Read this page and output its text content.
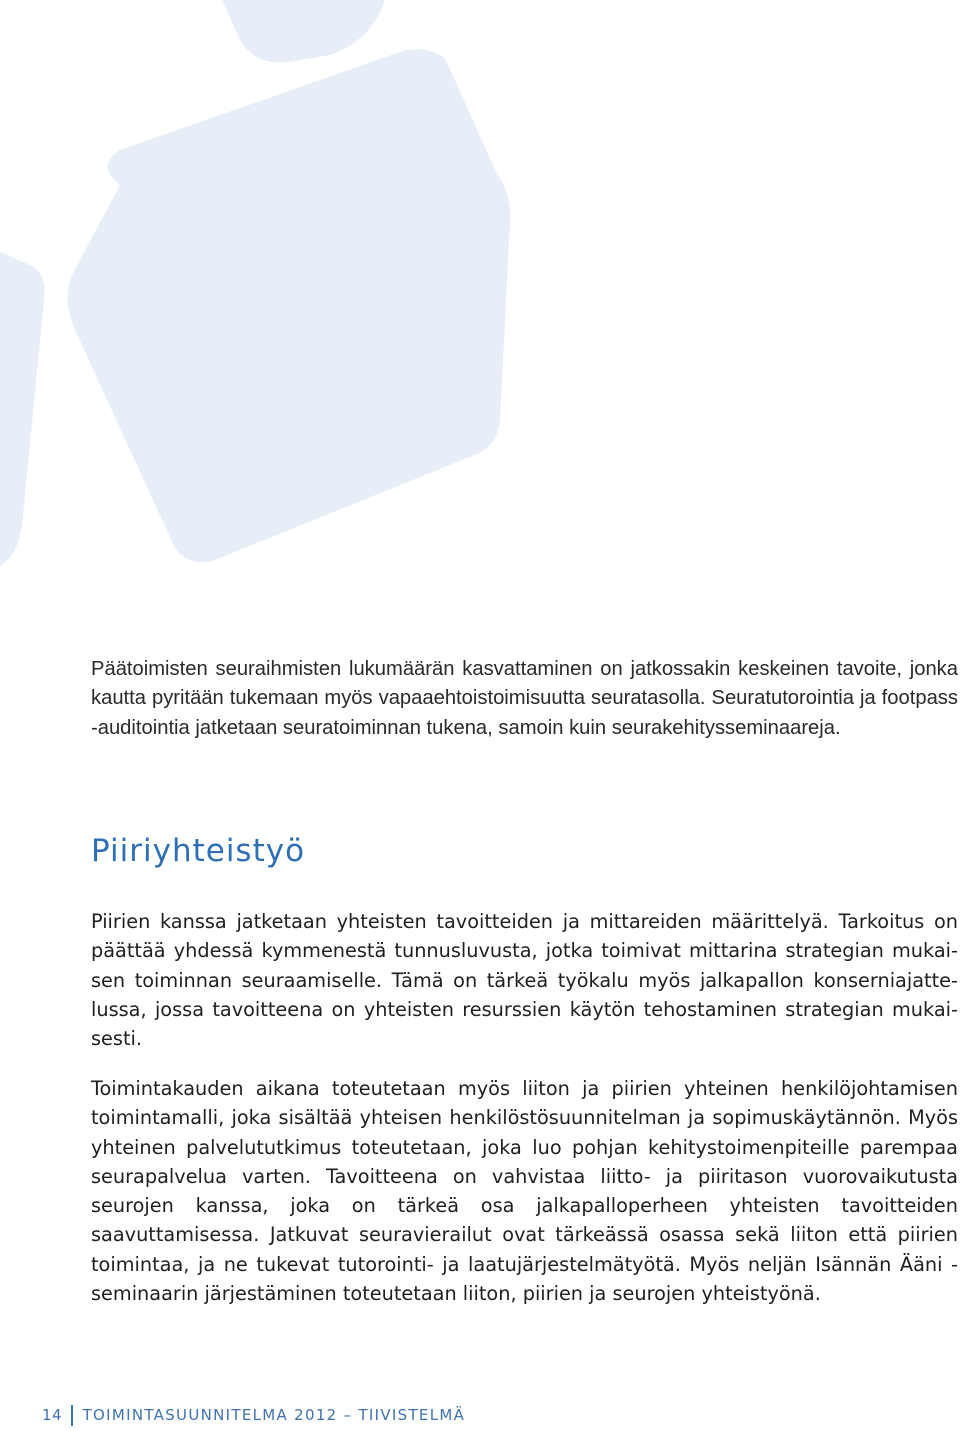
Päätoimisten seuraihmisten lukumäärän kasvattaminen on jatkossakin keskeinen tavoite, jonka kautta pyritään tukemaan myös vapaaehtoistoimisuutta seuratasolla. Seuratutorointia ja footpass -auditointia jatketaan seuratoiminnan tukena, samoin kuin seurakehitysseminaareja.

Piiriyhteistyö

Piirien kanssa jatketaan yhteisten tavoitteiden ja mittareiden määrittelyä. Tarkoitus on päättää yhdessä kymmenestä tunnusluvusta, jotka toimivat mittarina strategian mukaisen toiminnan seuraamiselle. Tämä on tärkeä työkalu myös jalkapallon konserniajattelussa, jossa tavoitteena on yhteisten resurssien käytön tehostaminen strategian mukaisesti.

Toimintakauden aikana toteutetaan myös liiton ja piirien yhteinen henkilöjohtamisen toimintamalli, joka sisältää yhteisen henkilöstösuunnitelman ja sopimuskäytännön. Myös yhteinen palvelututkimus toteutetaan, joka luo pohjan kehitystoimenpiteille parempaa seurapalvelua varten. Tavoitteena on vahvistaa liitto- ja piiritason vuorovaikutusta seurojen kanssa, joka on tärkeä osa jalkapalloperheen yhteisten tavoitteiden saavuttamisessa. Jatkuvat seuravierailut ovat tärkeässä osassa sekä liiton että piirien toimintaa, ja ne tukevat tutorointi- ja laatujärjestelmätyötä. Myös neljän Isännän Ääni -seminaarin järjestäminen toteutetaan liiton, piirien ja seurojen yhteistyönä.

14 TOIMINTASUUNNITELMA 2012 – TIIVISTELMÄ
